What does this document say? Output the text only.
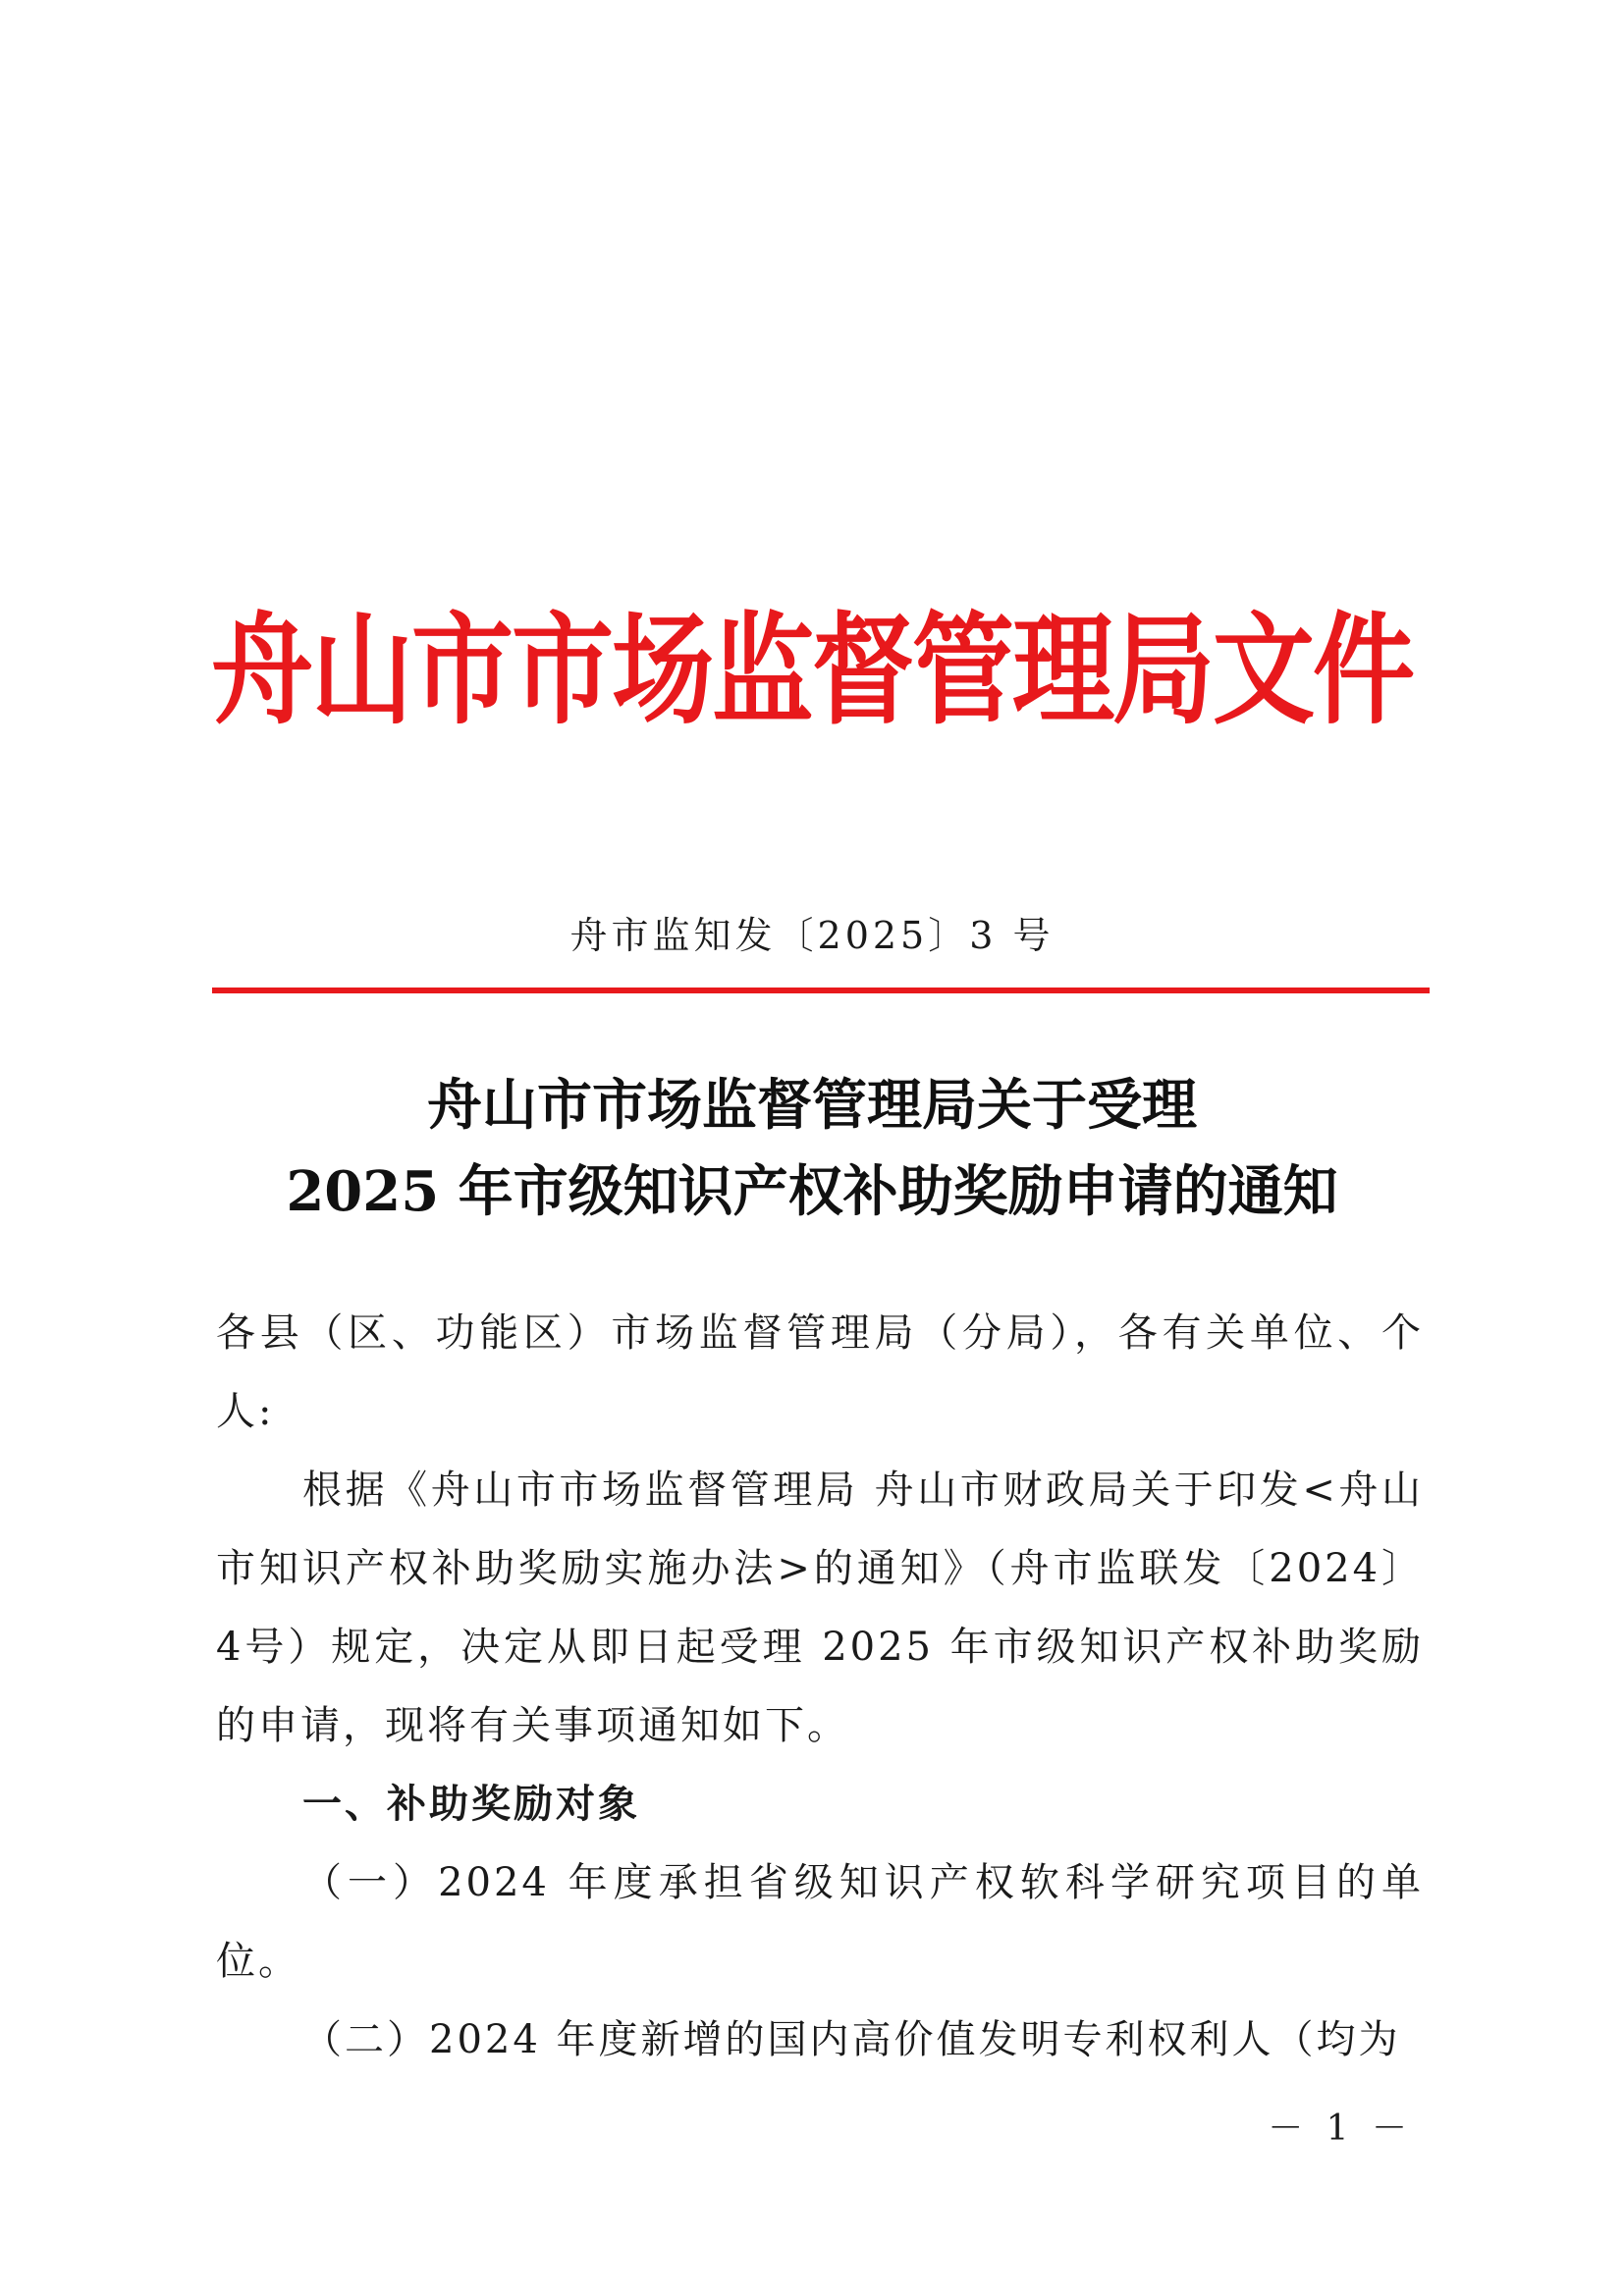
舟山市市场监督管理局文件
舟市监知发〔2025〕3 号
舟山市市场监督管理局关于受理
2025 年市级知识产权补助奖励申请的通知

各县（区、功能区）市场监督管理局（分局），各有关单位、个人:

根据《舟山市市场监督管理局 舟山市财政局关于印发<舟山市知识产权补助奖励实施办法>的通知》（舟市监联发〔2024〕4号）规定，决定从即日起受理 2025 年市级知识产权补助奖励的申请，现将有关事项通知如下。

一、补助奖励对象

（一）2024 年度承担省级知识产权软科学研究项目的单位。

（二）2024 年度新增的国内高价值发明专利权利人（均为

－ 1 －
